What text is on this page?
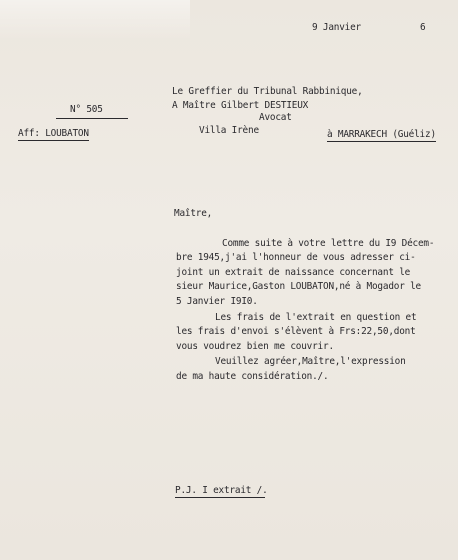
9 Janvier	6
Le Greffier du Tribunal Rabbinique,
A Maître Gilbert DESTIEUX
Avocat
Villa Irène
N° 505
Aff: LOUBATON	à MARRAKECH (Guéliz)
Maître,
Comme suite à votre lettre du I9 Décem-
bre 1945,j'ai l'honneur de vous adresser ci-
joint un extrait de naissance concernant le
sieur Maurice,Gaston LOUBATON,né à Mogador le
5 Janvier I9I0.
Les frais de l'extrait en question et
les frais d'envoi s'élèvent à Frs:22,50,dont
vous voudrez bien me couvrir.
Veuillez agréer,Maître,l'expression
de ma haute considération./.
P.J. I extrait /.
